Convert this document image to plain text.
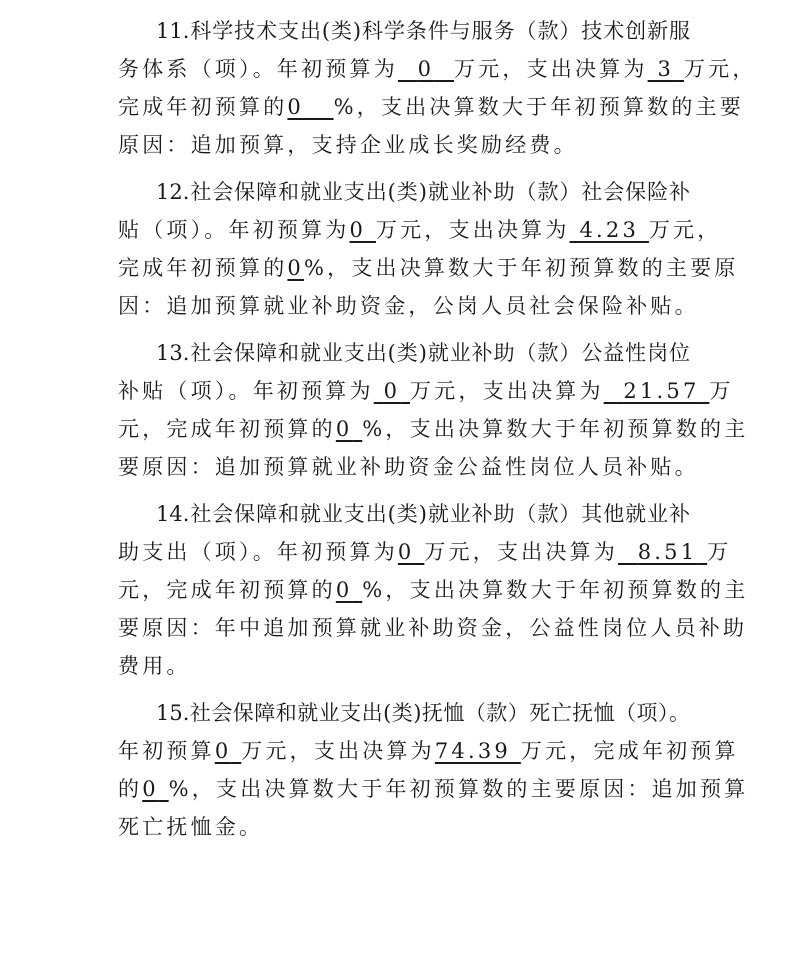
11.科学技术支出(类)科学条件与服务（款）技术创新服
务体系（项）。年初预算为 0 万元，支出决算为 3 万元，
完成年初预算的0 %，支出决算数大于年初预算数的主要
原因：追加预算，支持企业成长奖励经费。
12.社会保障和就业支出(类)就业补助（款）社会保险补
贴（项）。年初预算为0 万元，支出决算为 4.23 万元，
完成年初预算的0%，支出决算数大于年初预算数的主要原
因：追加预算就业补助资金，公岗人员社会保险补贴。
13.社会保障和就业支出(类)就业补助（款）公益性岗位
补贴（项）。年初预算为 0 万元，支出决算为 21.57 万
元，完成年初预算的0 %，支出决算数大于年初预算数的主
要原因：追加预算就业补助资金公益性岗位人员补贴。
14.社会保障和就业支出(类)就业补助（款）其他就业补
助支出（项）。年初预算为0 万元，支出决算为 8.51 万
元，完成年初预算的0 %，支出决算数大于年初预算数的主
要原因：年中追加预算就业补助资金，公益性岗位人员补助
费用。
15.社会保障和就业支出(类)抚恤（款）死亡抚恤（项）。
年初预算0 万元，支出决算为74.39 万元，完成年初预算
的0 %，支出决算数大于年初预算数的主要原因：追加预算
死亡抚恤金。
